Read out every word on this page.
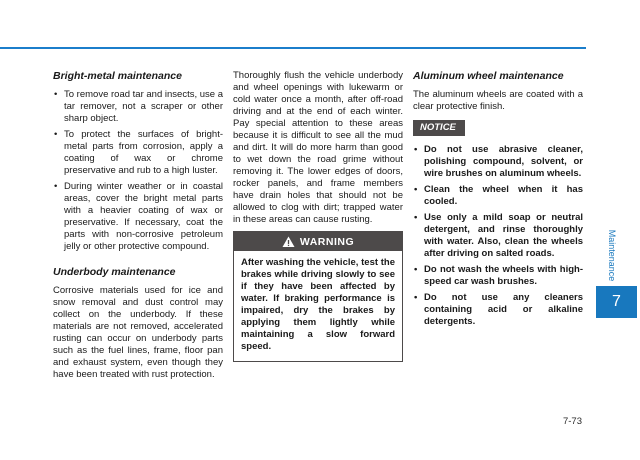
Bright-metal maintenance
• To remove road tar and insects, use a tar remover, not a scraper or other sharp object.
• To protect the surfaces of bright-metal parts from corrosion, apply a coating of wax or chrome preservative and rub to a high luster.
• During winter weather or in coastal areas, cover the bright metal parts with a heavier coating of wax or preservative. If necessary, coat the parts with non-corrosive petroleum jelly or other protective compound.
Underbody maintenance

Corrosive materials used for ice and snow removal and dust control may collect on the underbody. If these materials are not removed, accelerated rusting can occur on underbody parts such as the fuel lines, frame, floor pan and exhaust system, even though they have been treated with rust protection.

Thoroughly flush the vehicle underbody and wheel openings with lukewarm or cold water once a month, after off-road driving and at the end of each winter. Pay special attention to these areas because it is difficult to see all the mud and dirt. It will do more harm than good to wet down the road grime without removing it. The lower edges of doors, rocker panels, and frame members have drain holes that should not be allowed to clog with dirt; trapped water in these areas can cause rusting.

WARNING
After washing the vehicle, test the brakes while driving slowly to see if they have been affected by water. If braking performance is impaired, dry the brakes by applying them lightly while maintaining a slow forward speed.
Aluminum wheel maintenance

The aluminum wheels are coated with a clear protective finish.

NOTICE
• Do not use abrasive cleaner, polishing compound, solvent, or wire brushes on aluminum wheels.
• Clean the wheel when it has cooled.
• Use only a mild soap or neutral detergent, and rinse thoroughly with water. Also, clean the wheels after driving on salted roads.
• Do not wash the wheels with high-speed car wash brushes.
• Do not use any cleaners containing acid or alkaline detergents.
Maintenance
7
7-73
